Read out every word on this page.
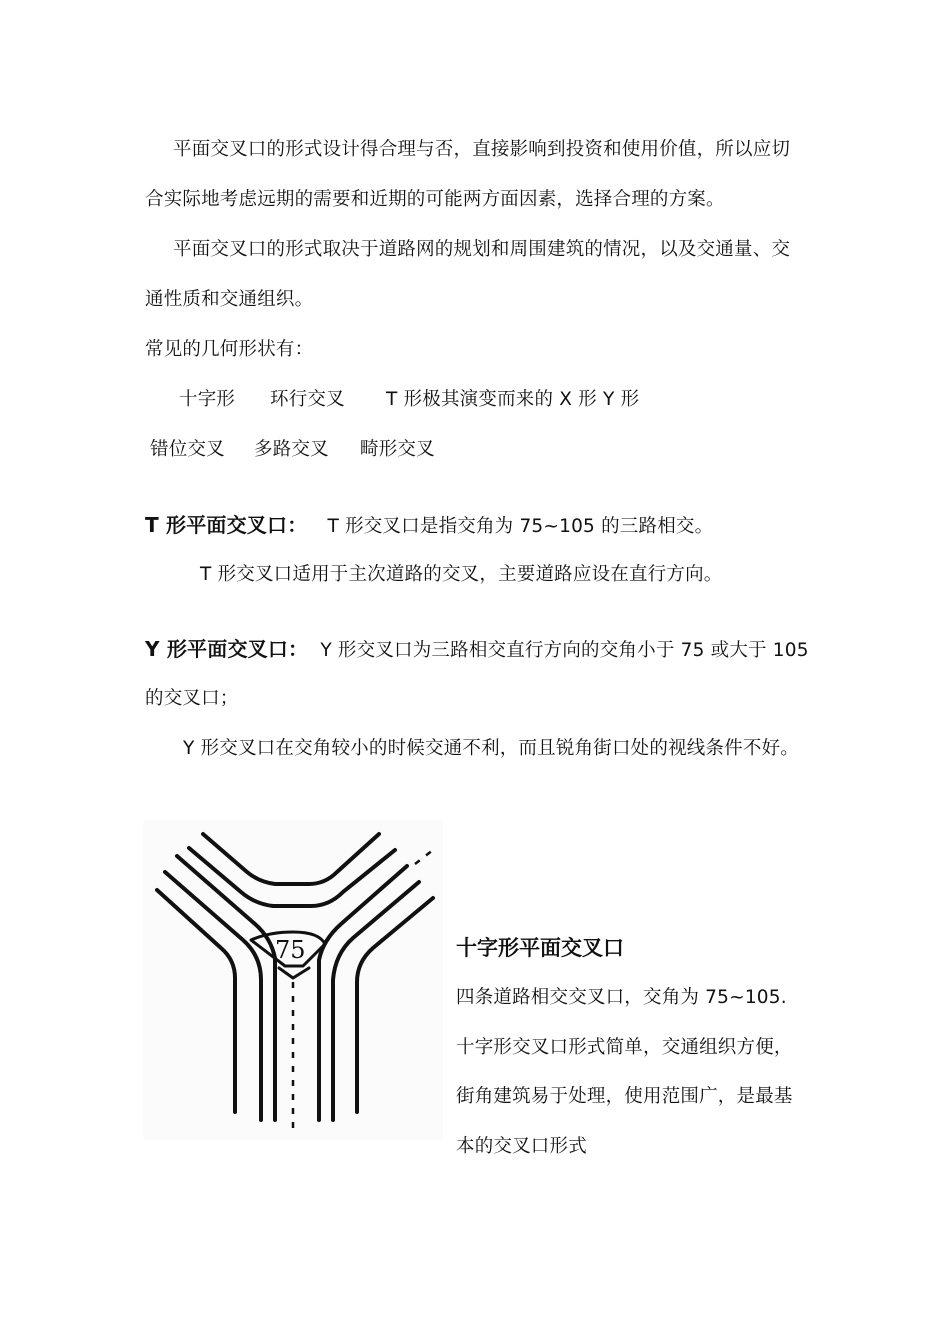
平面交叉口的形式设计得合理与否，直接影响到投资和使用价值，所以应切
合实际地考虑远期的需要和近期的可能两方面因素，选择合理的方案。
平面交叉口的形式取决于道路网的规划和周围建筑的情况，以及交通量、交
通性质和交通组织。
常见的几何形状有：
十字形 环行交叉 T 形极其演变而来的 X 形 Y 形
错位交叉 多路交叉 畸形交叉
T 形平面交叉口： T 形交叉口是指交角为 75~105 的三路相交。
T 形交叉口适用于主次道路的交叉，主要道路应设在直行方向。
Y 形平面交叉口： Y 形交叉口为三路相交直行方向的交角小于 75 或大于 105
的交叉口；
Y 形交叉口在交角较小的时候交通不利，而且锐角街口处的视线条件不好。
75	十字形平面交叉口
四条道路相交交叉口，交角为 75~105.
十字形交叉口形式简单，交通组织方便，
街角建筑易于处理，使用范围广，是最基
本的交叉口形式
